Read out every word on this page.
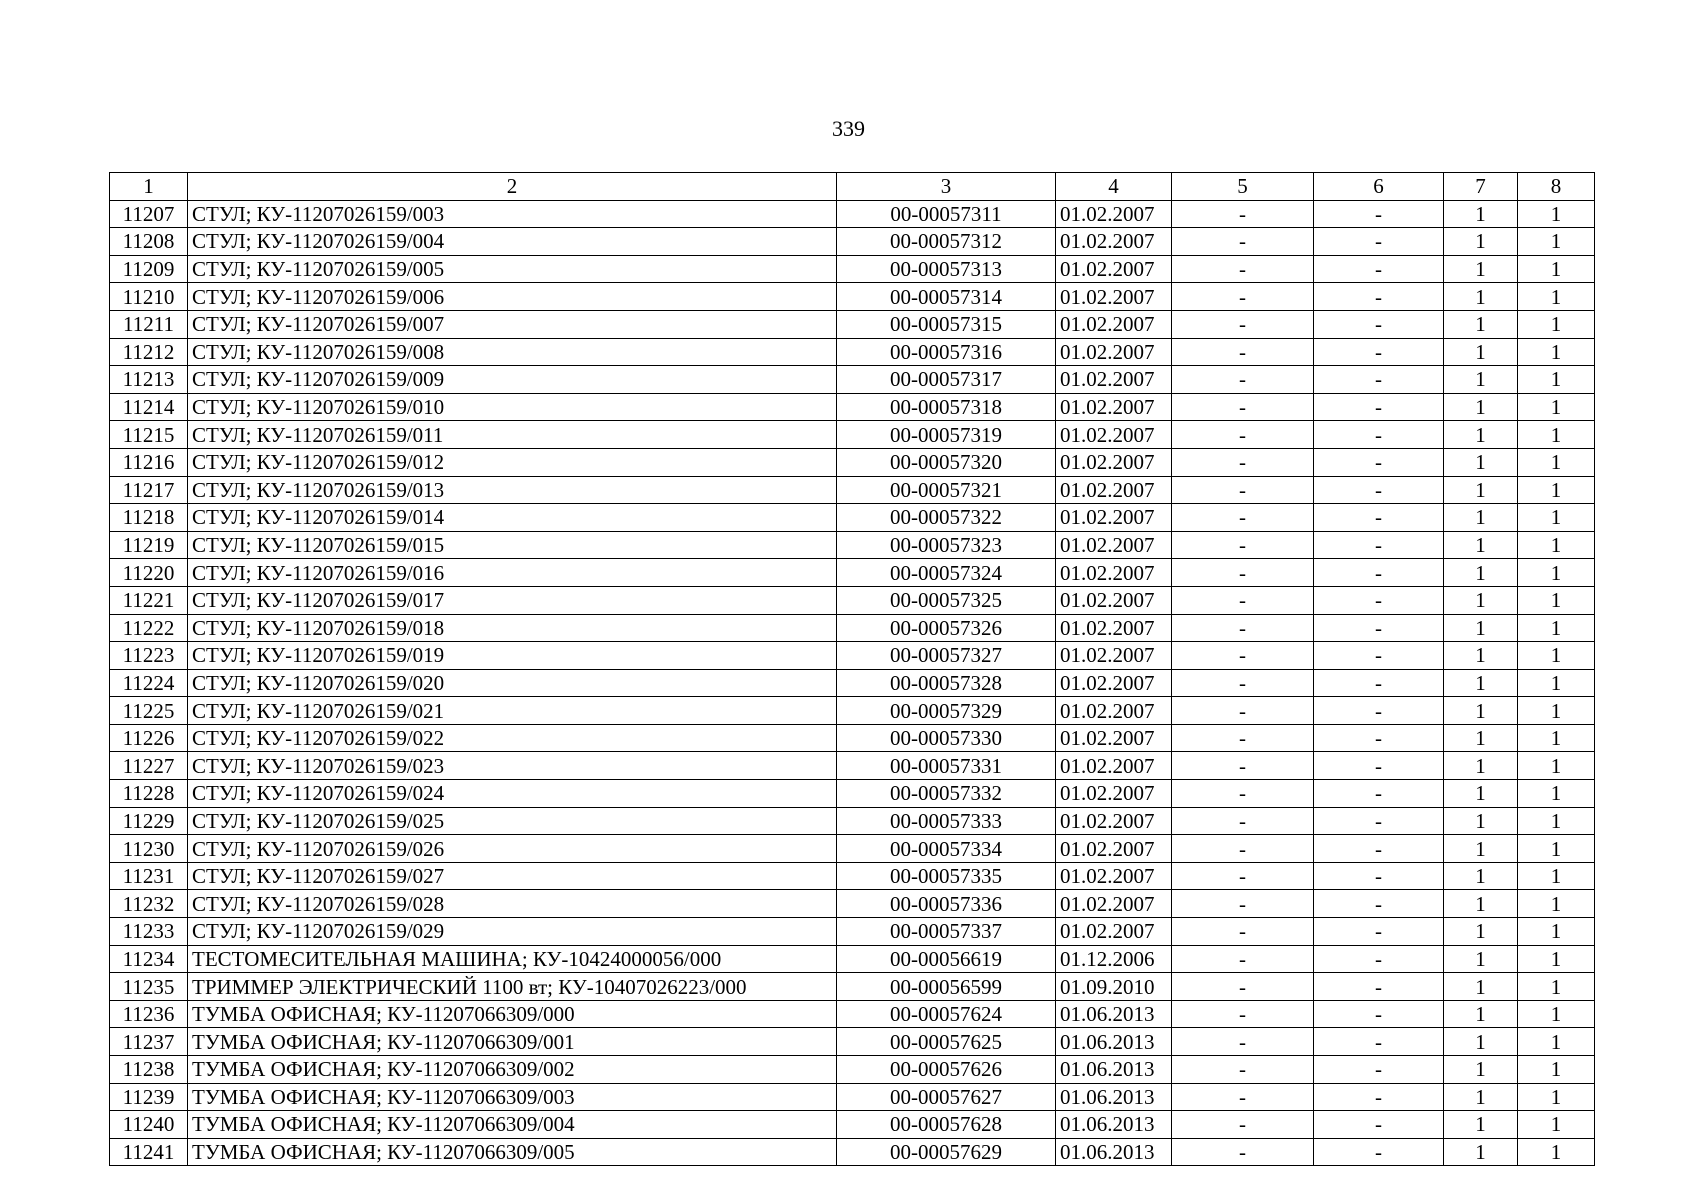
339
1	2	3	4	5	6	7	8
11207	СТУЛ; КУ-11207026159/003	00-00057311	01.02.2007	-	-	1	1
11208	СТУЛ; КУ-11207026159/004	00-00057312	01.02.2007	-	-	1	1
11209	СТУЛ; КУ-11207026159/005	00-00057313	01.02.2007	-	-	1	1
11210	СТУЛ; КУ-11207026159/006	00-00057314	01.02.2007	-	-	1	1
11211	СТУЛ; КУ-11207026159/007	00-00057315	01.02.2007	-	-	1	1
11212	СТУЛ; КУ-11207026159/008	00-00057316	01.02.2007	-	-	1	1
11213	СТУЛ; КУ-11207026159/009	00-00057317	01.02.2007	-	-	1	1
11214	СТУЛ; КУ-11207026159/010	00-00057318	01.02.2007	-	-	1	1
11215	СТУЛ; КУ-11207026159/011	00-00057319	01.02.2007	-	-	1	1
11216	СТУЛ; КУ-11207026159/012	00-00057320	01.02.2007	-	-	1	1
11217	СТУЛ; КУ-11207026159/013	00-00057321	01.02.2007	-	-	1	1
11218	СТУЛ; КУ-11207026159/014	00-00057322	01.02.2007	-	-	1	1
11219	СТУЛ; КУ-11207026159/015	00-00057323	01.02.2007	-	-	1	1
11220	СТУЛ; КУ-11207026159/016	00-00057324	01.02.2007	-	-	1	1
11221	СТУЛ; КУ-11207026159/017	00-00057325	01.02.2007	-	-	1	1
11222	СТУЛ; КУ-11207026159/018	00-00057326	01.02.2007	-	-	1	1
11223	СТУЛ; КУ-11207026159/019	00-00057327	01.02.2007	-	-	1	1
11224	СТУЛ; КУ-11207026159/020	00-00057328	01.02.2007	-	-	1	1
11225	СТУЛ; КУ-11207026159/021	00-00057329	01.02.2007	-	-	1	1
11226	СТУЛ; КУ-11207026159/022	00-00057330	01.02.2007	-	-	1	1
11227	СТУЛ; КУ-11207026159/023	00-00057331	01.02.2007	-	-	1	1
11228	СТУЛ; КУ-11207026159/024	00-00057332	01.02.2007	-	-	1	1
11229	СТУЛ; КУ-11207026159/025	00-00057333	01.02.2007	-	-	1	1
11230	СТУЛ; КУ-11207026159/026	00-00057334	01.02.2007	-	-	1	1
11231	СТУЛ; КУ-11207026159/027	00-00057335	01.02.2007	-	-	1	1
11232	СТУЛ; КУ-11207026159/028	00-00057336	01.02.2007	-	-	1	1
11233	СТУЛ; КУ-11207026159/029	00-00057337	01.02.2007	-	-	1	1
11234	ТЕСТОМЕСИТЕЛЬНАЯ МАШИНА; КУ-10424000056/000	00-00056619	01.12.2006	-	-	1	1
11235	ТРИММЕР ЭЛЕКТРИЧЕСКИЙ 1100 вт; КУ-10407026223/000	00-00056599	01.09.2010	-	-	1	1
11236	ТУМБА ОФИСНАЯ; КУ-11207066309/000	00-00057624	01.06.2013	-	-	1	1
11237	ТУМБА ОФИСНАЯ; КУ-11207066309/001	00-00057625	01.06.2013	-	-	1	1
11238	ТУМБА ОФИСНАЯ; КУ-11207066309/002	00-00057626	01.06.2013	-	-	1	1
11239	ТУМБА ОФИСНАЯ; КУ-11207066309/003	00-00057627	01.06.2013	-	-	1	1
11240	ТУМБА ОФИСНАЯ; КУ-11207066309/004	00-00057628	01.06.2013	-	-	1	1
11241	ТУМБА ОФИСНАЯ; КУ-11207066309/005	00-00057629	01.06.2013	-	-	1	1
